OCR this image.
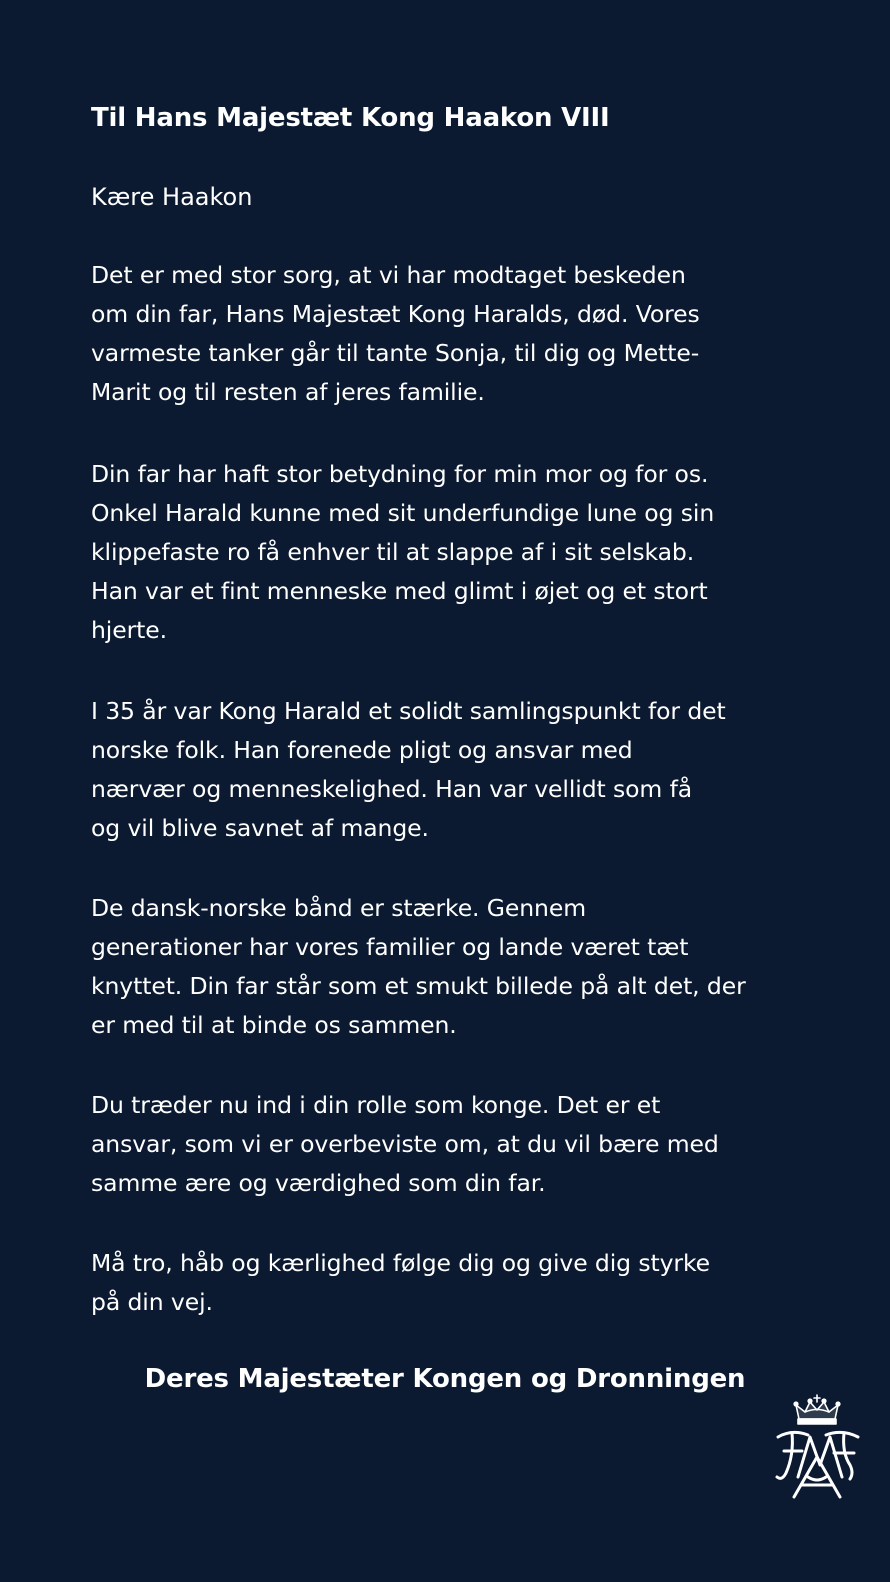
Til Hans Majestæt Kong Haakon VIII
Kære Haakon
Det er med stor sorg, at vi har modtaget beskeden
om din far, Hans Majestæt Kong Haralds, død. Vores
varmeste tanker går til tante Sonja, til dig og Mette-
Marit og til resten af jeres familie.
Din far har haft stor betydning for min mor og for os.
Onkel Harald kunne med sit underfundige lune og sin
klippefaste ro få enhver til at slappe af i sit selskab.
Han var et fint menneske med glimt i øjet og et stort
hjerte.
I 35 år var Kong Harald et solidt samlingspunkt for det
norske folk. Han forenede pligt og ansvar med
nærvær og menneskelighed. Han var vellidt som få
og vil blive savnet af mange.
De dansk-norske bånd er stærke. Gennem
generationer har vores familier og lande været tæt
knyttet. Din far står som et smukt billede på alt det, der
er med til at binde os sammen.
Du træder nu ind i din rolle som konge. Det er et
ansvar, som vi er overbeviste om, at du vil bære med
samme ære og værdighed som din far.
Må tro, håb og kærlighed følge dig og give dig styrke
på din vej.
Deres Majestæter Kongen og Dronningen
